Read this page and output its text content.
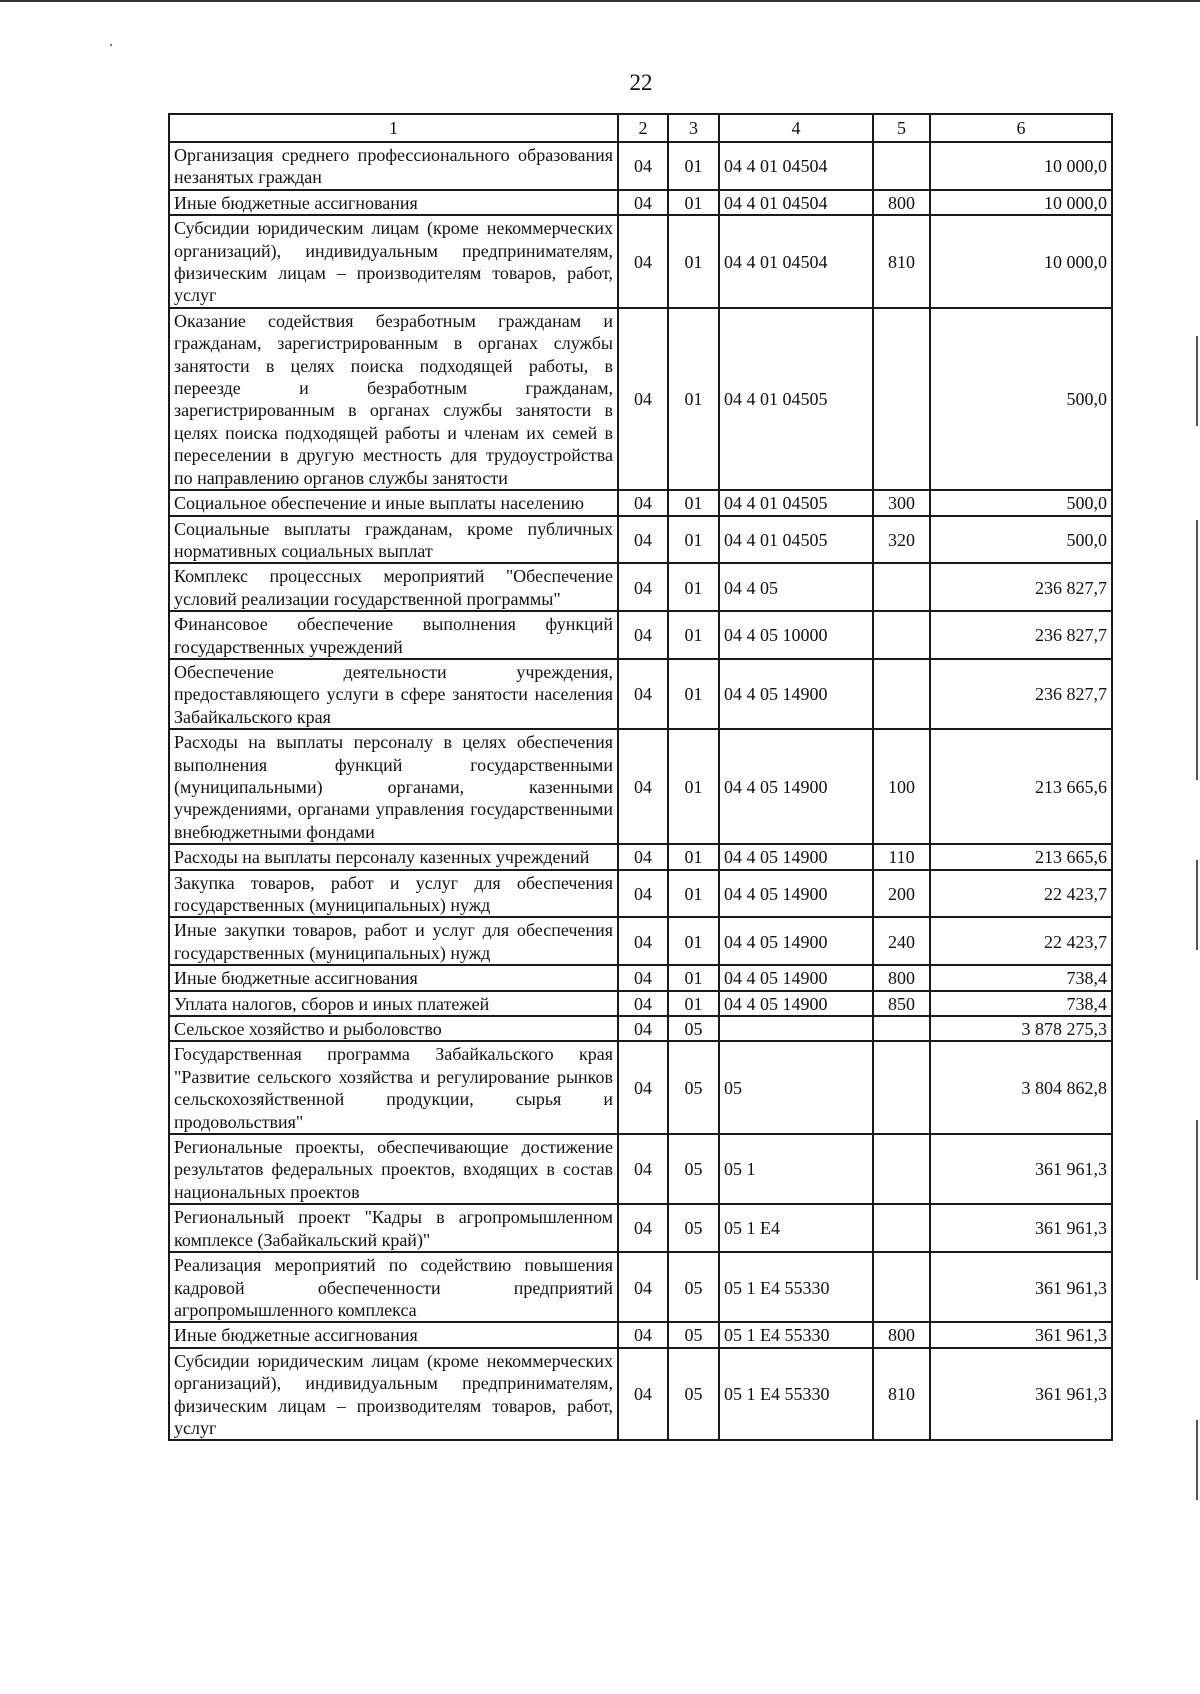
22
1	2	3	4	5	6
Организация среднего профессионального образования незанятых граждан	04	01	04 4 01 04504		10 000,0
Иные бюджетные ассигнования	04	01	04 4 01 04504	800	10 000,0
Субсидии юридическим лицам (кроме некоммерческих организаций), индивидуальным предпринимателям, физическим лицам – производителям товаров, работ, услуг	04	01	04 4 01 04504	810	10 000,0
Оказание содействия безработным гражданам и гражданам, зарегистрированным в органах службы занятости в целях поиска подходящей работы, в переезде и безработным гражданам, зарегистрированным в органах службы занятости в целях поиска подходящей работы и членам их семей в переселении в другую местность для трудоустройства по направлению органов службы занятости	04	01	04 4 01 04505		500,0
Социальное обеспечение и иные выплаты населению	04	01	04 4 01 04505	300	500,0
Социальные выплаты гражданам, кроме публичных нормативных социальных выплат	04	01	04 4 01 04505	320	500,0
Комплекс процессных мероприятий "Обеспечение условий реализации государственной программы"	04	01	04 4 05		236 827,7
Финансовое обеспечение выполнения функций государственных учреждений	04	01	04 4 05 10000		236 827,7
Обеспечение деятельности учреждения, предоставляющего услуги в сфере занятости населения Забайкальского края	04	01	04 4 05 14900		236 827,7
Расходы на выплаты персоналу в целях обеспечения выполнения функций государственными (муниципальными) органами, казенными учреждениями, органами управления государственными внебюджетными фондами	04	01	04 4 05 14900	100	213 665,6
Расходы на выплаты персоналу казенных учреждений	04	01	04 4 05 14900	110	213 665,6
Закупка товаров, работ и услуг для обеспечения государственных (муниципальных) нужд	04	01	04 4 05 14900	200	22 423,7
Иные закупки товаров, работ и услуг для обеспечения государственных (муниципальных) нужд	04	01	04 4 05 14900	240	22 423,7
Иные бюджетные ассигнования	04	01	04 4 05 14900	800	738,4
Уплата налогов, сборов и иных платежей	04	01	04 4 05 14900	850	738,4
Сельское хозяйство и рыболовство	04	05			3 878 275,3
Государственная программа Забайкальского края "Развитие сельского хозяйства и регулирование рынков сельскохозяйственной продукции, сырья и продовольствия"	04	05	05		3 804 862,8
Региональные проекты, обеспечивающие достижение результатов федеральных проектов, входящих в состав национальных проектов	04	05	05 1		361 961,3
Региональный проект "Кадры в агропромышленном комплексе (Забайкальский край)"	04	05	05 1 Е4		361 961,3
Реализация мероприятий по содействию повышения кадровой обеспеченности предприятий агропромышленного комплекса	04	05	05 1 Е4 55330		361 961,3
Иные бюджетные ассигнования	04	05	05 1 Е4 55330	800	361 961,3
Субсидии юридическим лицам (кроме некоммерческих организаций), индивидуальным предпринимателям, физическим лицам – производителям товаров, работ, услуг	04	05	05 1 Е4 55330	810	361 961,3
